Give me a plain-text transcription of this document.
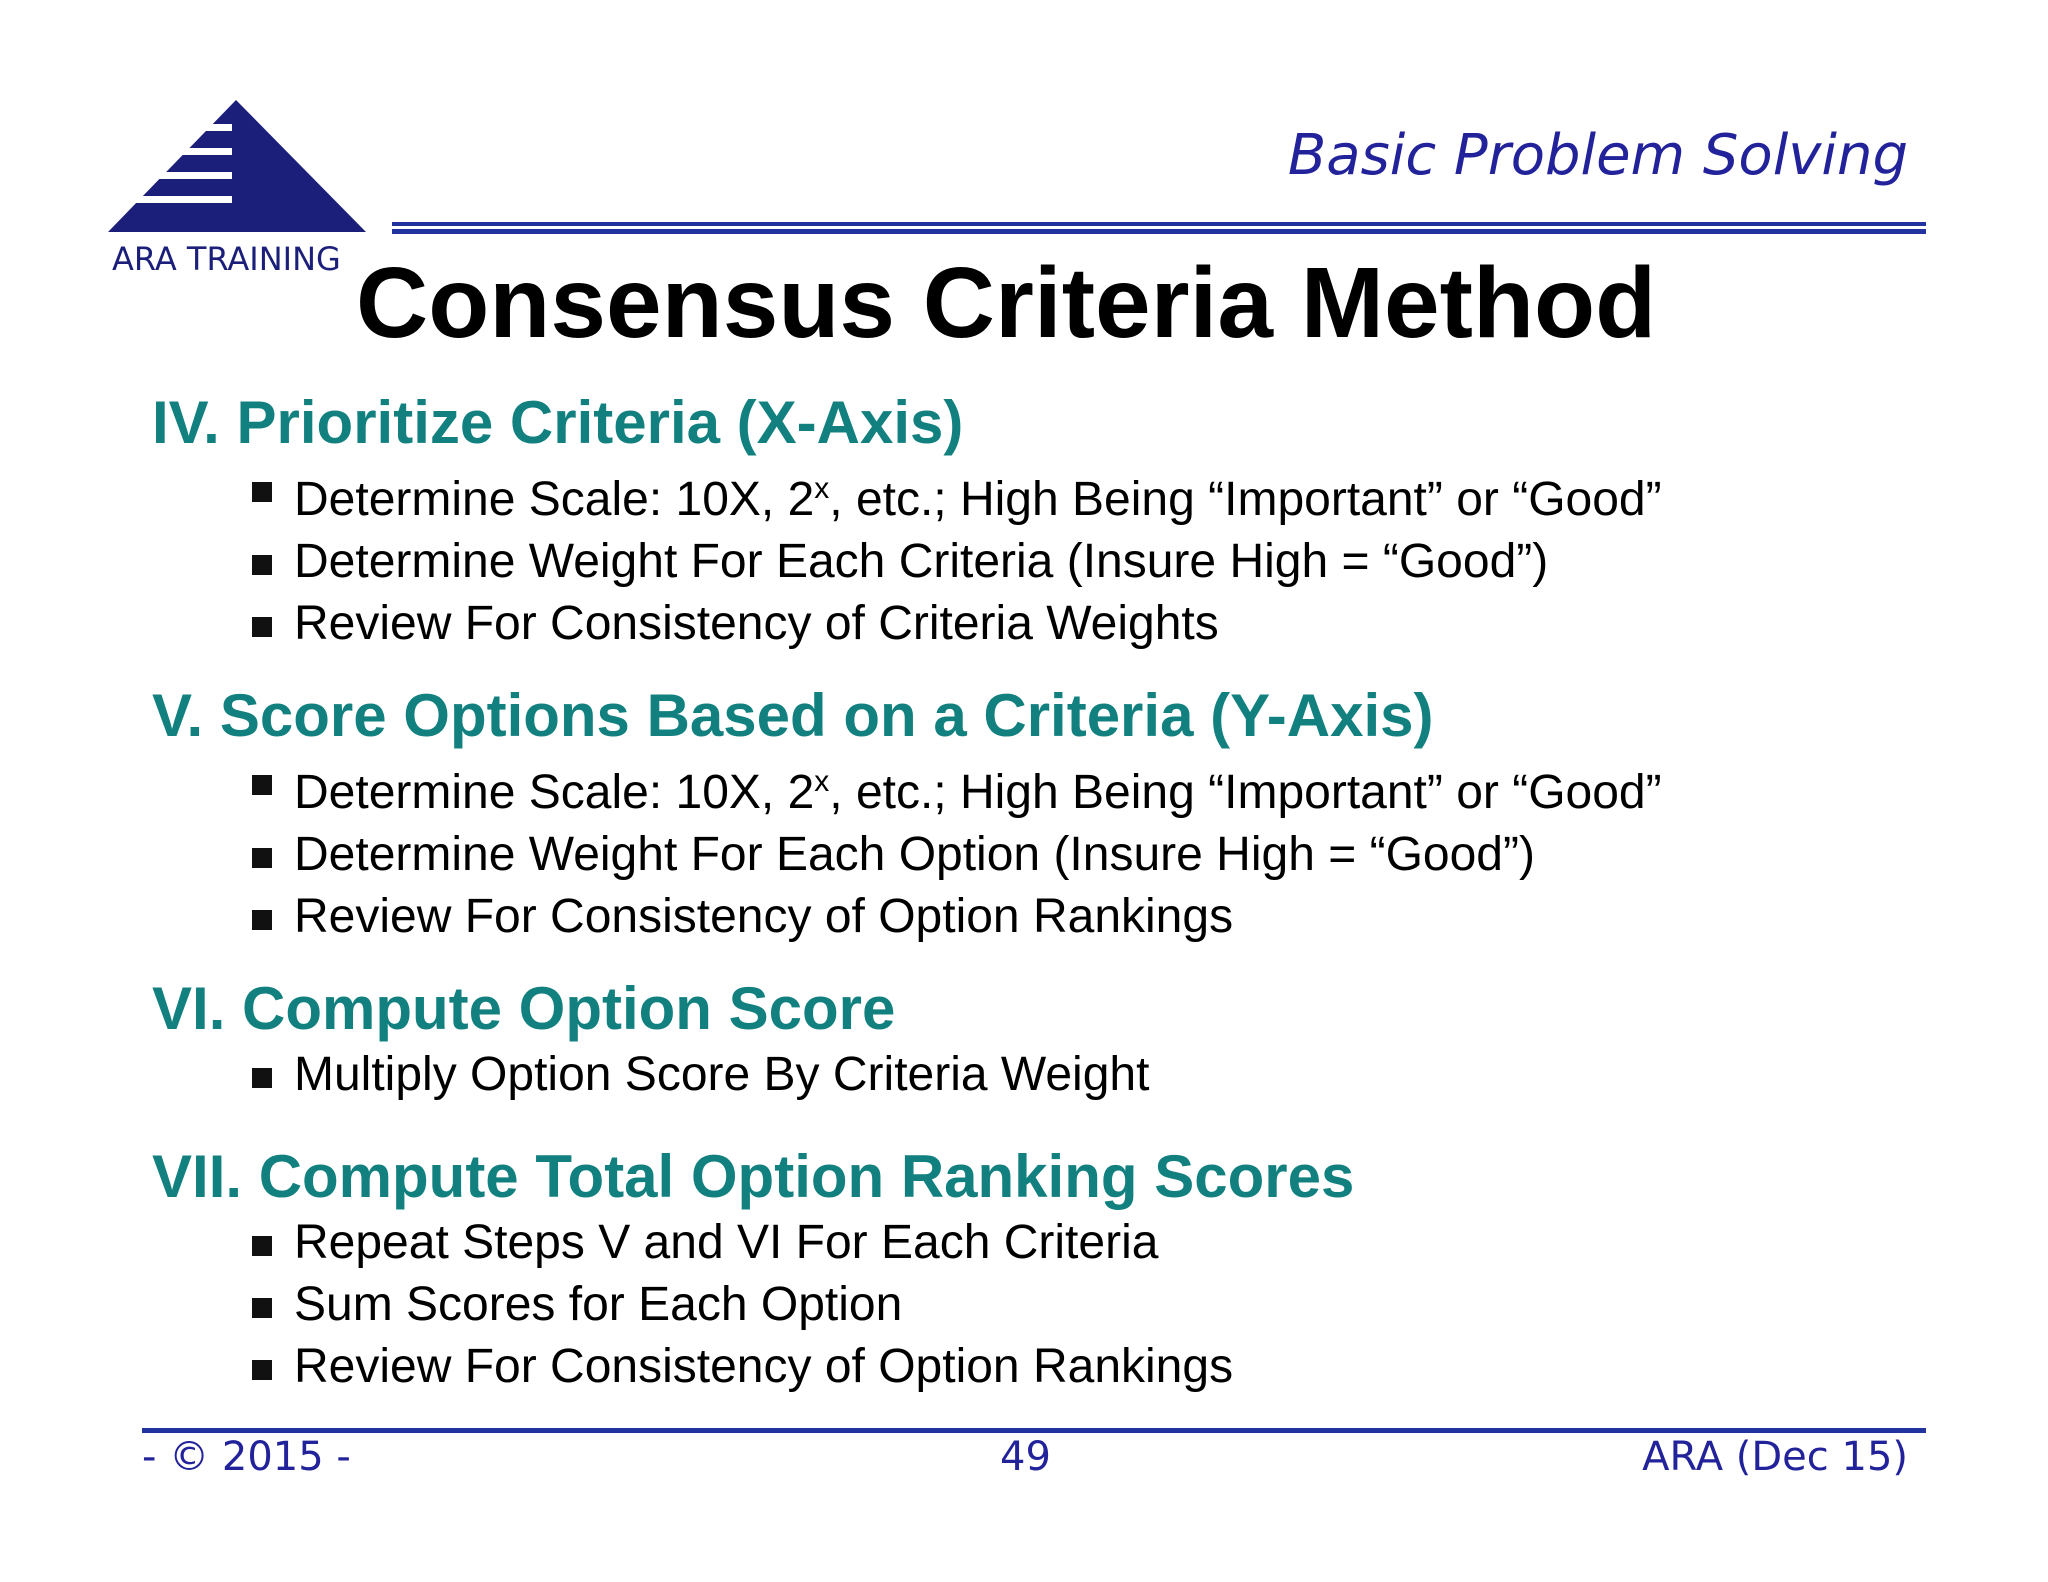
ARA TRAINING
Basic Problem Solving
Consensus Criteria Method
IV. Prioritize Criteria (X-Axis)
Determine Scale: 10X, 2$^x$, etc.; High Being “Important” or “Good”
Determine Weight For Each Criteria (Insure High = “Good”)
Review For Consistency of Criteria Weights
V. Score Options Based on a Criteria (Y-Axis)
Determine Scale: 10X, 2$^x$, etc.; High Being “Important” or “Good”
Determine Weight For Each Option (Insure High = “Good”)
Review For Consistency of Option Rankings
VI. Compute Option Score
Multiply Option Score By Criteria Weight
VII. Compute Total Option Ranking Scores
Repeat Steps V and VI For Each Criteria
Sum Scores for Each Option
Review For Consistency of Option Rankings
- © 2015 -	49	ARA (Dec 15)
